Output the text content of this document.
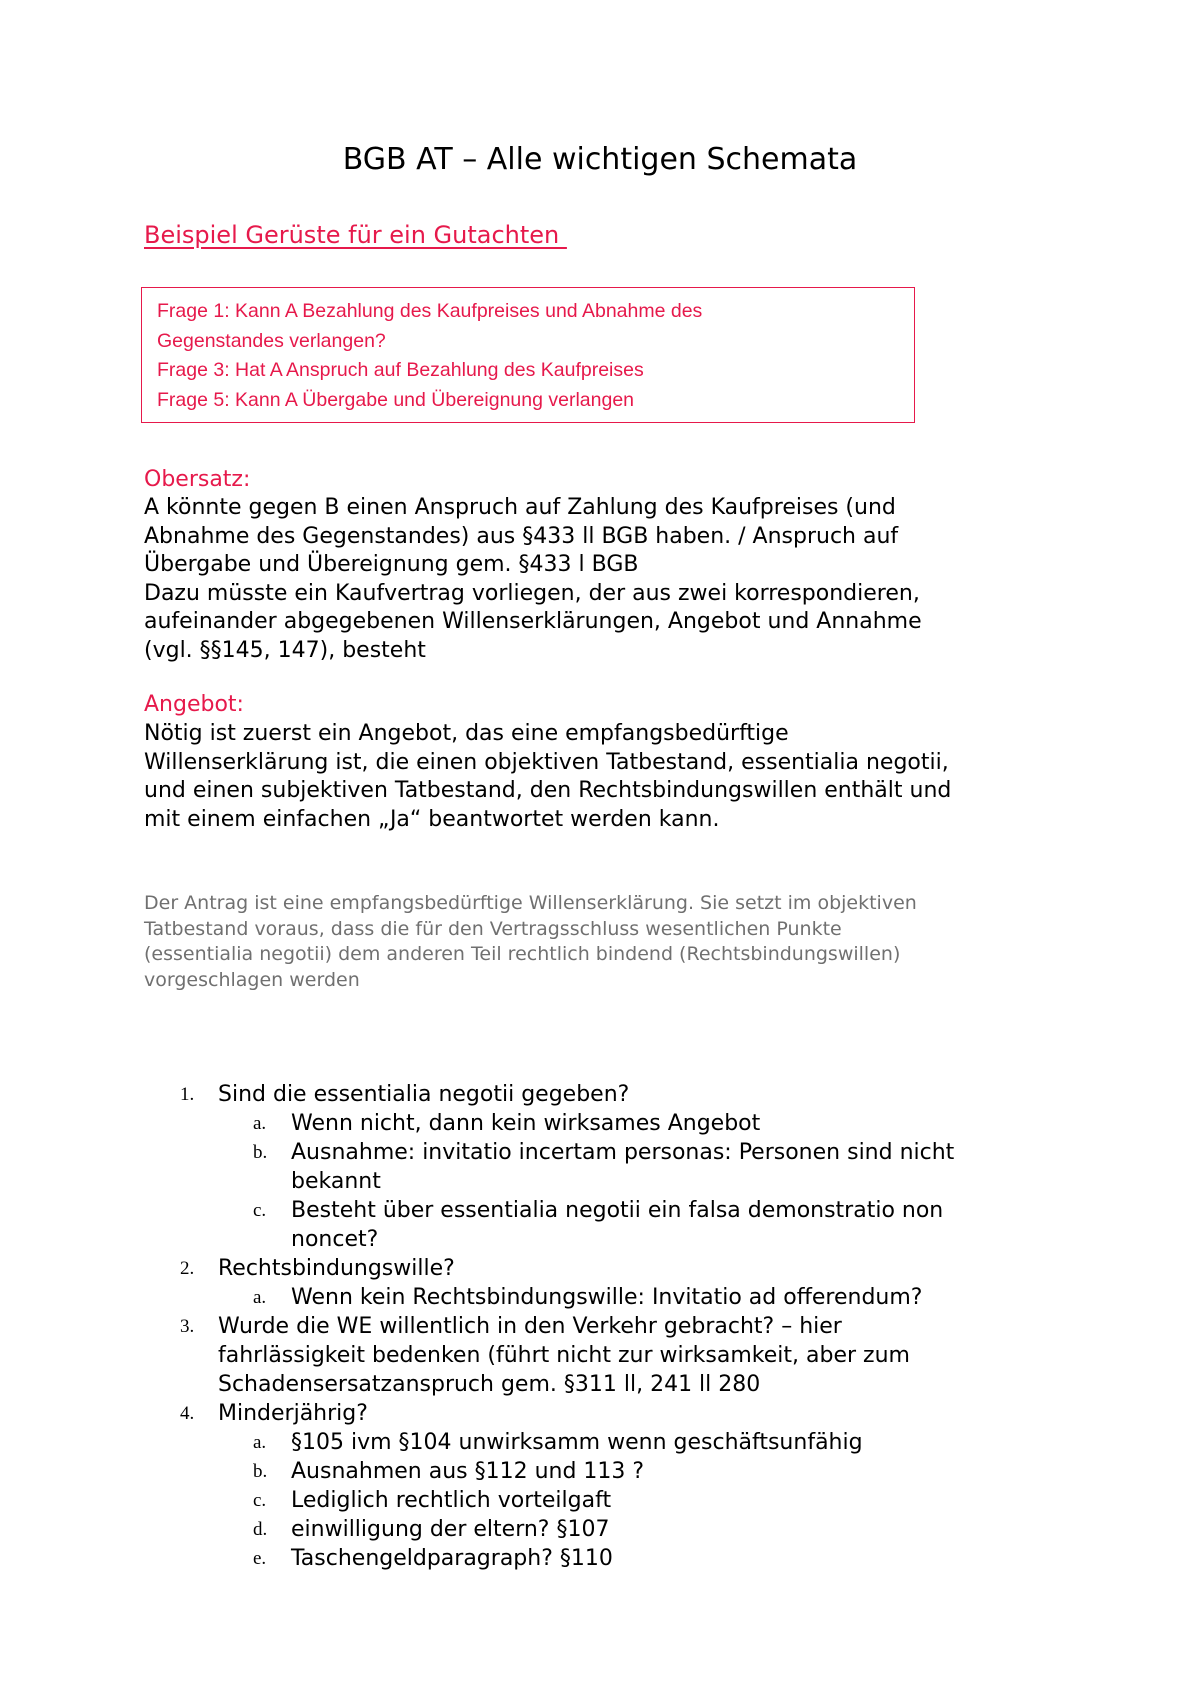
BGB AT – Alle wichtigen Schemata
Beispiel Gerüste für ein Gutachten
Frage 1: Kann A Bezahlung des Kaufpreises und Abnahme des
Gegenstandes verlangen?
Frage 3: Hat A Anspruch auf Bezahlung des Kaufpreises
Frage 5: Kann A Übergabe und Übereignung verlangen
Obersatz:
A könnte gegen B einen Anspruch auf Zahlung des Kaufpreises (und
Abnahme des Gegenstandes) aus §433 ll BGB haben. / Anspruch auf
Übergabe und Übereignung gem. §433 l BGB
Dazu müsste ein Kaufvertrag vorliegen, der aus zwei korrespondieren,
aufeinander abgegebenen Willenserklärungen, Angebot und Annahme
(vgl. §§145, 147), besteht
Angebot:
Nötig ist zuerst ein Angebot, das eine empfangsbedürftige
Willenserklärung ist, die einen objektiven Tatbestand, essentialia negotii,
und einen subjektiven Tatbestand, den Rechtsbindungswillen enthält und
mit einem einfachen „Ja“ beantwortet werden kann.
Der Antrag ist eine empfangsbedürftige Willenserklärung. Sie setzt im objektiven
Tatbestand voraus, dass die für den Vertragsschluss wesentlichen Punkte
(essentialia negotii) dem anderen Teil rechtlich bindend (Rechtsbindungswillen)
vorgeschlagen werden
1. Sind die essentialia negotii gegeben?
a. Wenn nicht, dann kein wirksames Angebot
b. Ausnahme: invitatio incertam personas: Personen sind nicht
bekannt
c. Besteht über essentialia negotii ein falsa demonstratio non
noncet?
2. Rechtsbindungswille?
a. Wenn kein Rechtsbindungswille: Invitatio ad offerendum?
3. Wurde die WE willentlich in den Verkehr gebracht? – hier
fahrlässigkeit bedenken (führt nicht zur wirksamkeit, aber zum
Schadensersatzanspruch gem. §311 ll, 241 ll 280
4. Minderjährig?
a. §105 ivm §104 unwirksamm wenn geschäftsunfähig
b. Ausnahmen aus §112 und 113 ?
c. Lediglich rechtlich vorteilgaft
d. einwilligung der eltern? §107
e. Taschengeldparagraph? §110
